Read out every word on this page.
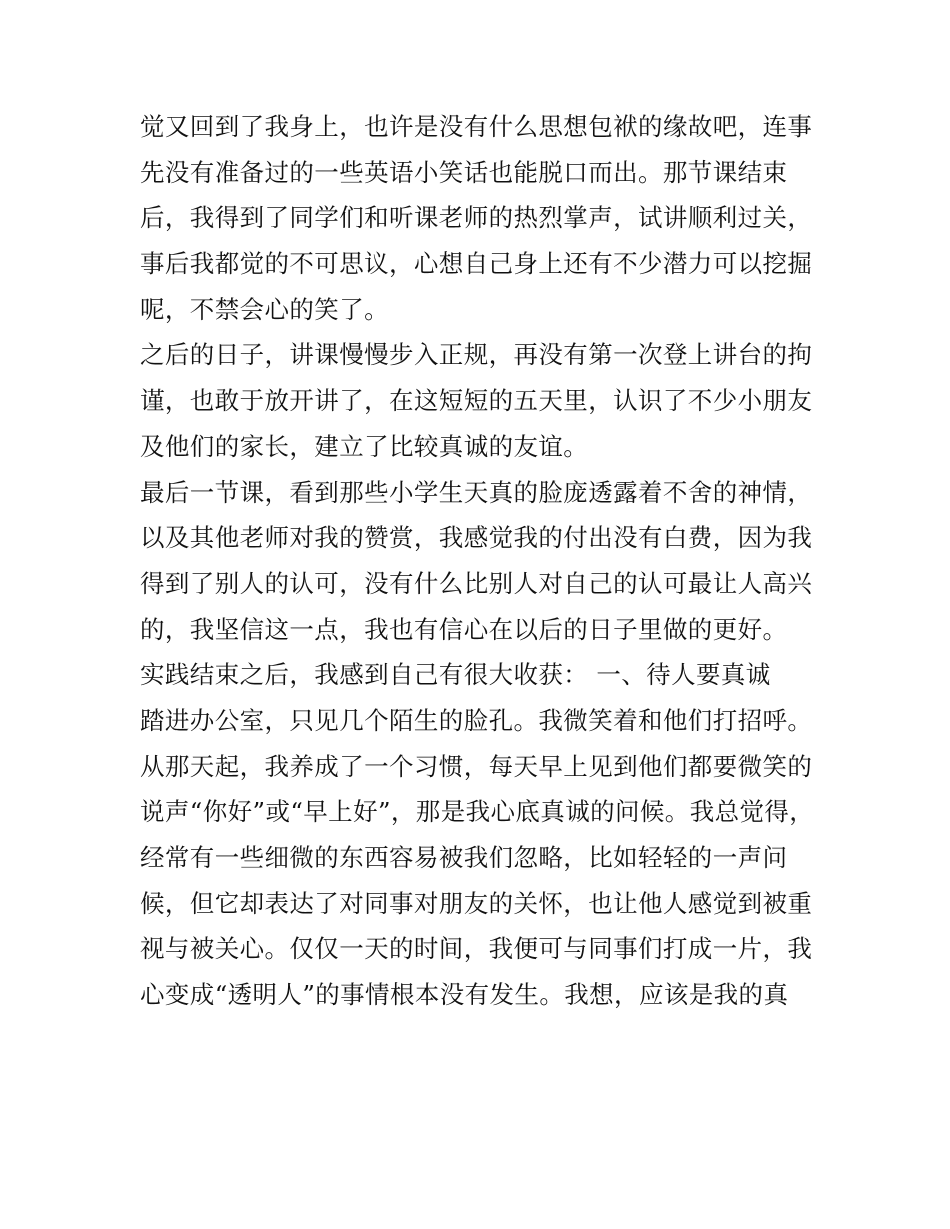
觉又回到了我身上，也许是没有什么思想包袱的缘故吧，连事
先没有准备过的一些英语小笑话也能脱口而出。那节课结束
后，我得到了同学们和听课老师的热烈掌声，试讲顺利过关，
事后我都觉的不可思议，心想自己身上还有不少潜力可以挖掘
呢，不禁会心的笑了。
之后的日子，讲课慢慢步入正规，再没有第一次登上讲台的拘
谨，也敢于放开讲了，在这短短的五天里，认识了不少小朋友
及他们的家长，建立了比较真诚的友谊。
最后一节课，看到那些小学生天真的脸庞透露着不舍的神情，
以及其他老师对我的赞赏，我感觉我的付出没有白费，因为我
得到了别人的认可，没有什么比别人对自己的认可最让人高兴
的，我坚信这一点，我也有信心在以后的日子里做的更好。
实践结束之后，我感到自己有很大收获： 一、待人要真诚
踏进办公室，只见几个陌生的脸孔。我微笑着和他们打招呼。
从那天起，我养成了一个习惯，每天早上见到他们都要微笑的
说声“你好”或“早上好”，那是我心底真诚的问候。我总觉得，
经常有一些细微的东西容易被我们忽略，比如轻轻的一声问
候，但它却表达了对同事对朋友的关怀，也让他人感觉到被重
视与被关心。仅仅一天的时间，我便可与同事们打成一片，我
心变成“透明人”的事情根本没有发生。我想，应该是我的真
